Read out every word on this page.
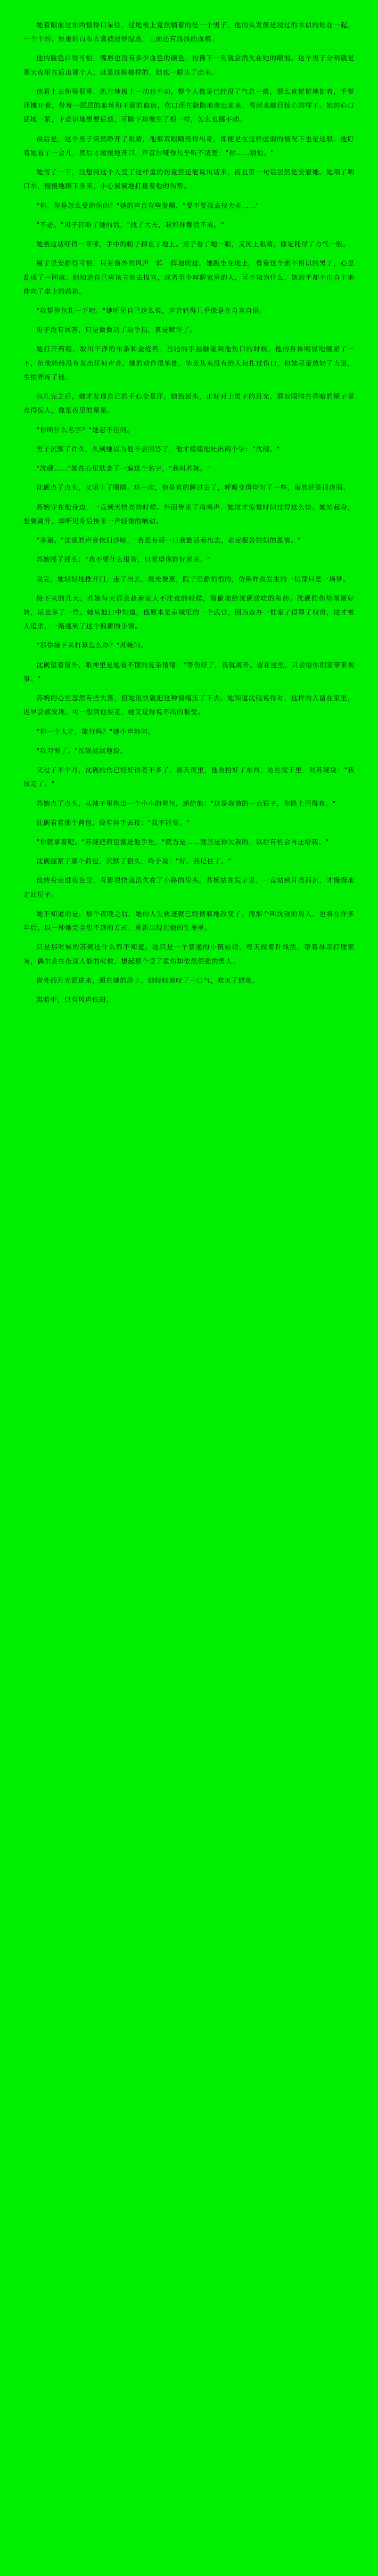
她着眼前这东西惊得口呆住，这地板上竟然躺着的是一个男子，他的头发像是浸过的水似的贴在一起，一个个的，厚重的白布衣裳被浸得湿透，上面还有浅浅的血痕。

他的脸色白得可怕，嘴唇也没有多少血色的颜色，仿佛下一刻就会消失在她的眼前。这个男子分明就是那天夜里在后山那个人，就是这般模样的，她也一眼认了出来。

他看上去伤得很重，趴在地板上一动也不动，整个人像是已经没了气息一般，那么直挺挺地倒着，手掌还摊开着，带着一层层的血丝和干涸的血痕，伤口还在隐隐地渗出血来，看起来触目惊心的样子。她的心口猛地一紧，下意识地想要后退，可脚下却像生了根一样，怎么也挪不动。

最后是，这个男子突然睁开了眼睛，他那双眼睛亮得出奇，即便是在这样虚弱的情况下也是这般。他盯着她看了一会儿，然后才缓缓地开口，声音沙哑得几乎听不清楚："你……别怕。"

她愣了一下，没想到这个人受了这样重的伤竟然还能说出话来，而且第一句话居然是安慰她。她咽了咽口水，慢慢地蹲下身来，小心翼翼地打量着他的伤势。

"你、你是怎么受的伤的？"她的声音有些发颤，"要不要我去找大夫……"

"不必。"男子打断了她的话，"找了大夫，我和你都活不成。"

她被这话吓得一哆嗦，手中的帕子掉在了地上。男子看了她一眼，又闭上眼睛，像是耗尽了力气一般。

屋子里安静得可怕，只有窗外的风声一阵一阵地吹过。她跪坐在地上，看着这个素不相识的男子，心里乱成了一团麻。她知道自己应该立刻去报官，或者至少叫醒家里的人，可不知为什么，她的手却不由自主地伸向了桌上的药箱。

"我帮你包扎一下吧。"她听见自己这么说，声音轻得几乎像是在自言自语。

男子没有回答，只是微微动了动手指，算是默许了。

她打开药箱，取出干净的布条和金疮药。当她的手指触碰到他伤口的时候，他的身体明显地绷紧了一下，但他始终没有发出任何声音。她的动作很笨拙，毕竟从来没有给人包扎过伤口，但她尽量放轻了力道，生怕弄疼了他。

包扎完之后，她才发现自己的手心全是汗。她抬起头，正好对上男子的目光。那双眼睛在昏暗的屋子里亮得惊人，像是夜里的星星。

"你叫什么名字？"她忍不住问。

男子沉默了许久，久到她以为他不会回答了，他才缓缓地吐出两个字："沈砚。"

"沈砚……"她在心里默念了一遍这个名字，"我叫苏婉。"

沈砚点了点头，又闭上了眼睛。这一次，他是真的睡过去了，呼吸变得均匀了一些，虽然还是很虚弱。

苏婉守在他身边，一直到天快亮的时候。外面传来了鸡鸣声，她这才惊觉时间过得这么快。她站起身，想要离开，却听见身后传来一声轻微的响动。

"多谢。"沈砚的声音依旧沙哑，"若是有朝一日我能活着出去，必定报答姑娘的恩情。"

苏婉摇了摇头："我不要什么报答，只希望你能好起来。"

说完，她轻轻地推开门，走了出去。晨光微熹，院子里静悄悄的，仿佛昨夜发生的一切都只是一场梦。

接下来的几天，苏婉每天都会趁着家人不注意的时候，偷偷地给沈砚送吃的和药。沈砚的伤势渐渐好转，话也多了一些。她从他口中知道，他原本是京城里的一个武官，因为查办一桩案子得罪了权贵，这才被人追杀，一路逃到了这个偏僻的小镇。

"那你接下来打算怎么办？"苏婉问。

沈砚望着窗外，眼神里是她看不懂的复杂情绪："等伤好了，我就离开。留在这里，只会给你们家带来祸事。"

苏婉的心里忽然有些失落，但她很快就把这种情绪压了下去。她知道沈砚说得对，这样的人留在家里，迟早会被发现。可一想到他要走，她又觉得说不出的难受。

"你一个人走，能行吗？"她小声地问。

"我习惯了。"沈砚淡淡地说。

又过了半个月，沈砚的伤已经好得差不多了。那天夜里，他收拾好了东西，站在院子里，对苏婉说："我该走了。"

苏婉点了点头，从袖子里掏出一个小小的荷包，递给他："这是我攒的一点银子，你路上用得着。"

沈砚看着那个荷包，没有伸手去接："我不能要。"

"你就拿着吧。"苏婉把荷包塞进他手里，"就当是……就当是你欠我的，以后有机会再还给我。"

沈砚握紧了那个荷包，沉默了很久，终于说："好。我记住了。"

他转身走进夜色里，背影很快就消失在了小路的尽头。苏婉站在院子里，一直站到月亮西沉，才慢慢地走回屋子。

她不知道的是，那个夜晚之后，她的人生轨迹就已经彻底地改变了。而那个叫沈砚的男人，也将在许多年后，以一种她完全想不到的方式，重新出现在她的生命里。

只是那时候的苏婉还什么都不知道。她只是一个普通的小镇姑娘，每天做着针线活，帮着母亲打理家务，偶尔会在夜深人静的时候，想起那个受了重伤却依然倔强的男人。

窗外的月光洒进来，照在她的脸上。她轻轻地叹了一口气，吹灭了蜡烛。

黑暗中，只有风声依旧。
